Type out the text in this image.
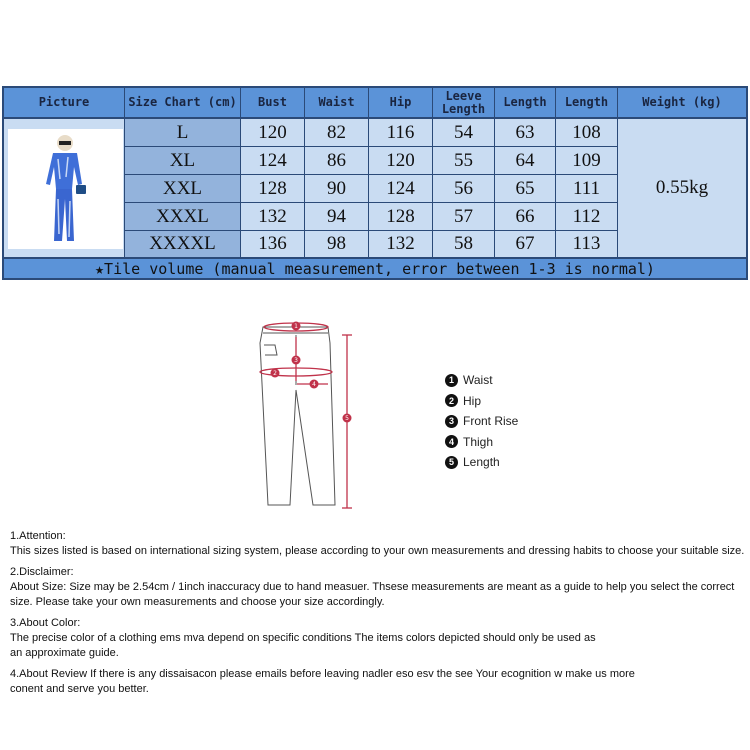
Picture	Size Chart (cm)	Bust	Waist	Hip	Leeve Length	Length	Length	Weight (kg)
L	120	82	116	54	63	108
XL	124	86	120	55	64	109
XXL	128	90	124	56	65	111
XXXL	132	94	128	57	66	112
XXXXL	136	98	132	58	67	113
0.55kg
★Tile volume (manual measurement, error between 1-3 is normal)
1
3
2
4
5
1 Waist
2 Hip
3 Front Rise
4 Thigh
5 Length
1.Attention:
This sizes listed is based on international sizing system, please according to your own measurements and dressing habits to choose your suitable size.
2.Disclaimer:
About Size: Size may be 2.54cm / 1inch inaccuracy due to hand measuer. Thsese measurements are meant as a guide to help you select the correct size. Please take your own measurements and choose your size accordingly.
3.About Color:
The precise color of a clothing ems mva depend on specific conditions The items colors depicted should only be used as an approximate guide.
4.About Review If there is any dissaisacon please emails before leaving nadler eso esv the see Your ecognition w make us more conent and serve you better.
